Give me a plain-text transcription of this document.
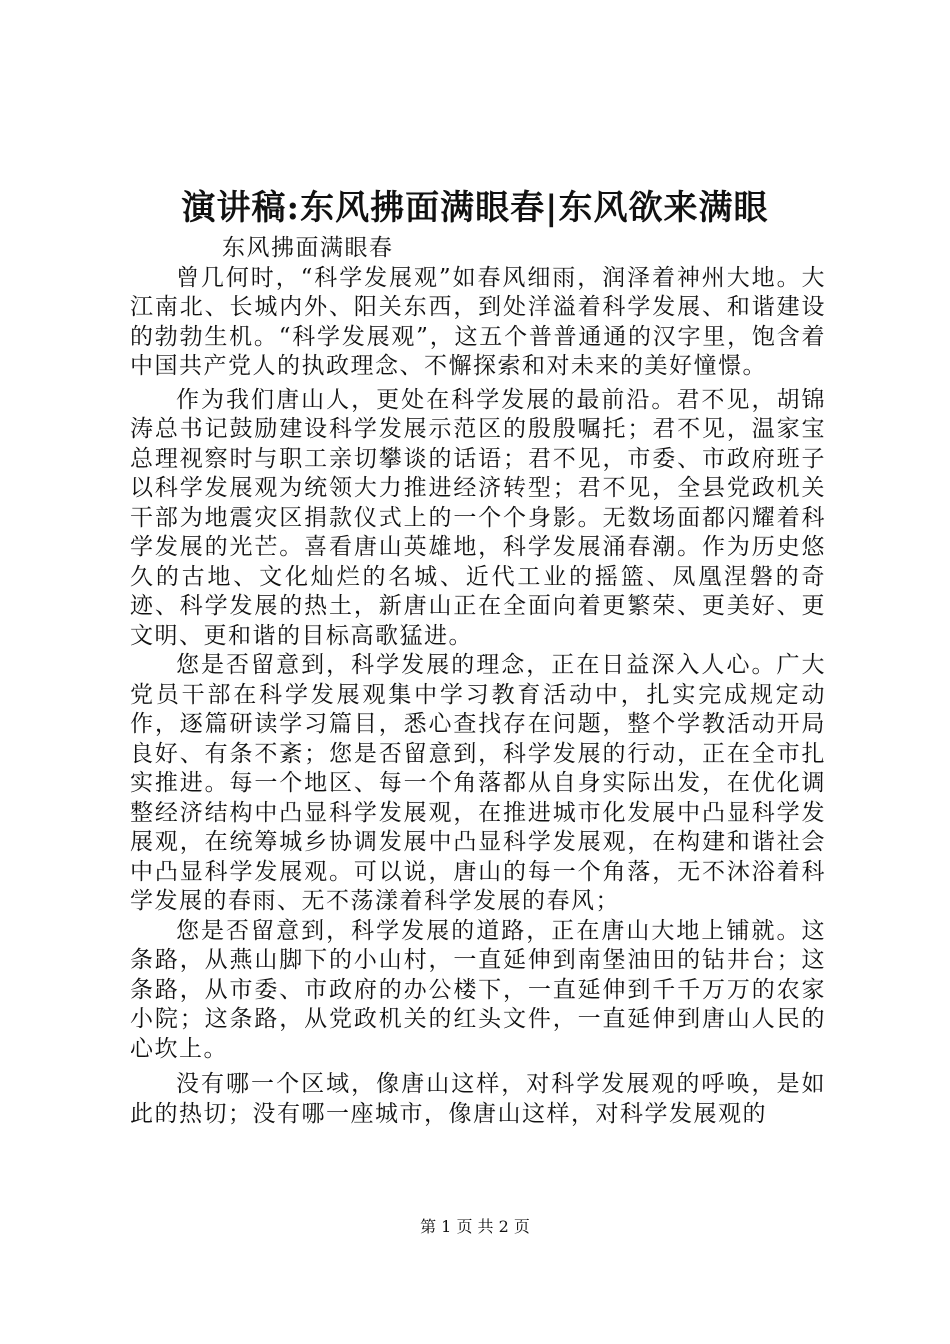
演讲稿:东风拂面满眼春|东风欲来满眼

东风拂面满眼春

曾几何时，“科学发展观”如春风细雨，润泽着神州大地。大江南北、长城内外、阳关东西，到处洋溢着科学发展、和谐建设的勃勃生机。“科学发展观”，这五个普普通通的汉字里，饱含着中国共产党人的执政理念、不懈探索和对未来的美好憧憬。

作为我们唐山人，更处在科学发展的最前沿。君不见，胡锦涛总书记鼓励建设科学发展示范区的殷殷嘱托；君不见，温家宝总理视察时与职工亲切攀谈的话语；君不见，市委、市政府班子以科学发展观为统领大力推进经济转型；君不见，全县党政机关干部为地震灾区捐款仪式上的一个个身影。无数场面都闪耀着科学发展的光芒。喜看唐山英雄地，科学发展涌春潮。作为历史悠久的古地、文化灿烂的名城、近代工业的摇篮、凤凰涅磐的奇迹、科学发展的热土，新唐山正在全面向着更繁荣、更美好、更文明、更和谐的目标高歌猛进。

您是否留意到，科学发展的理念，正在日益深入人心。广大党员干部在科学发展观集中学习教育活动中，扎实完成规定动作，逐篇研读学习篇目，悉心查找存在问题，整个学教活动开局良好、有条不紊；您是否留意到，科学发展的行动，正在全市扎实推进。每一个地区、每一个角落都从自身实际出发，在优化调整经济结构中凸显科学发展观，在推进城市化发展中凸显科学发展观，在统筹城乡协调发展中凸显科学发展观，在构建和谐社会中凸显科学发展观。可以说，唐山的每一个角落，无不沐浴着科学发展的春雨、无不荡漾着科学发展的春风；

您是否留意到，科学发展的道路，正在唐山大地上铺就。这条路，从燕山脚下的小山村，一直延伸到南堡油田的钻井台；这条路，从市委、市政府的办公楼下，一直延伸到千千万万的农家小院；这条路，从党政机关的红头文件，一直延伸到唐山人民的心坎上。

没有哪一个区域，像唐山这样，对科学发展观的呼唤，是如此的热切；没有哪一座城市，像唐山这样，对科学发展观的

第 1 页 共 2 页
